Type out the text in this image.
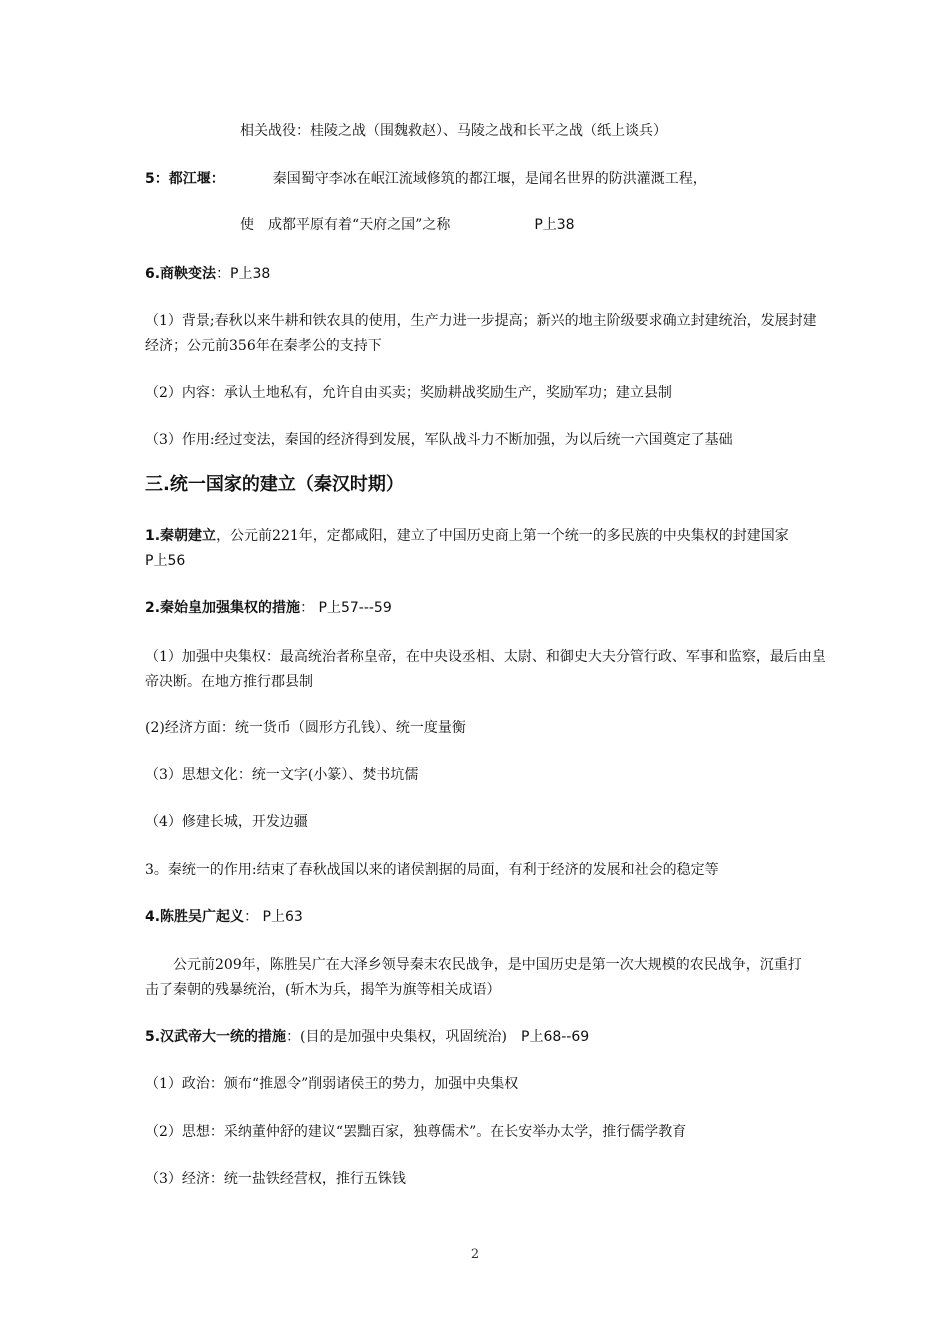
相关战役：桂陵之战（围魏救赵）、马陵之战和长平之战（纸上谈兵）
5：都江堰：	秦国蜀守李冰在岷江流域修筑的都江堰，是闻名世界的防洪灌溉工程，
使 成都平原有着“天府之国”之称	P上38
6.商鞅变法：P上38
（1）背景;春秋以来牛耕和铁农具的使用，生产力进一步提高；新兴的地主阶级要求确立封建统治，发展封建
经济；公元前356年在秦孝公的支持下
（2）内容：承认土地私有，允许自由买卖；奖励耕战奖励生产，奖励军功；建立县制
（3）作用:经过变法，秦国的经济得到发展，军队战斗力不断加强，为以后统一六国奠定了基础
三.统一国家的建立（秦汉时期）
1.秦朝建立，公元前221年，定都咸阳，建立了中国历史商上第一个统一的多民族的中央集权的封建国家
P上56
2.秦始皇加强集权的措施： P上57---59
（1）加强中央集权：最高统治者称皇帝，在中央设丞相、太尉、和御史大夫分管行政、军事和监察，最后由皇
帝决断。在地方推行郡县制
(2)经济方面：统一货币（圆形方孔钱）、统一度量衡
（3）思想文化：统一文字(小篆）、焚书坑儒
（4）修建长城，开发边疆
3。秦统一的作用:结束了春秋战国以来的诸侯割据的局面，有利于经济的发展和社会的稳定等
4.陈胜吴广起义： P上63
公元前209年，陈胜吴广在大泽乡领导秦末农民战争，是中国历史是第一次大规模的农民战争，沉重打
击了秦朝的残暴统治，(斩木为兵，揭竿为旗等相关成语）
5.汉武帝大一统的措施：(目的是加强中央集权，巩固统治) P上68--69
（1）政治：颁布“推恩令”削弱诸侯王的势力，加强中央集权
（2）思想：采纳董仲舒的建议“罢黜百家，独尊儒术”。在长安举办太学，推行儒学教育
（3）经济：统一盐铁经营权，推行五铢钱
2
